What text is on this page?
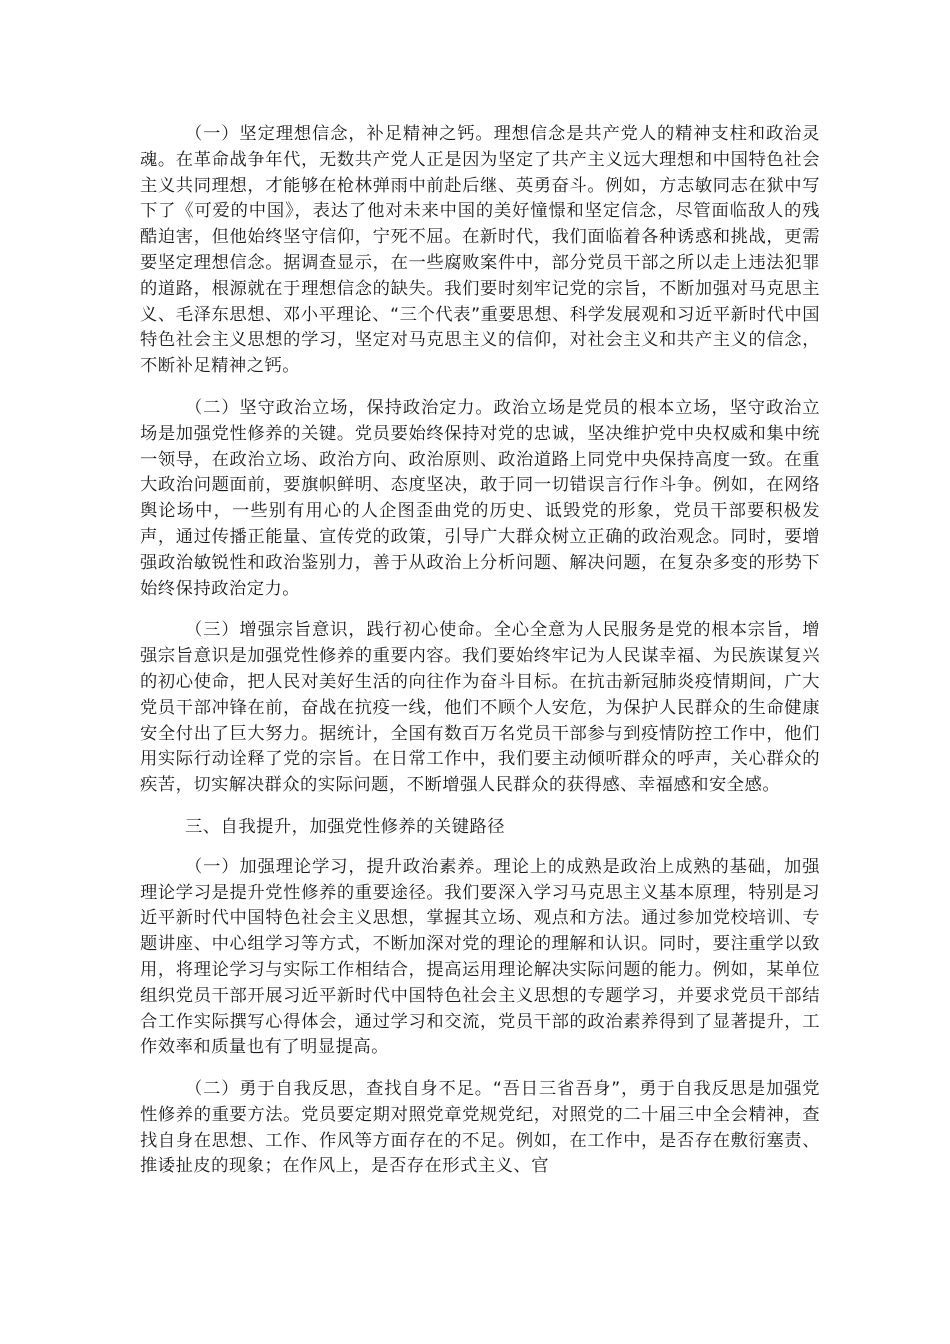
（一）坚定理想信念，补足精神之钙。理想信念是共产党人的精神支柱和政治灵魂。在革命战争年代，无数共产党人正是因为坚定了共产主义远大理想和中国特色社会主义共同理想，才能够在枪林弹雨中前赴后继、英勇奋斗。例如，方志敏同志在狱中写下了《可爱的中国》，表达了他对未来中国的美好憧憬和坚定信念，尽管面临敌人的残酷迫害，但他始终坚守信仰，宁死不屈。在新时代，我们面临着各种诱惑和挑战，更需要坚定理想信念。据调查显示，在一些腐败案件中，部分党员干部之所以走上违法犯罪的道路，根源就在于理想信念的缺失。我们要时刻牢记党的宗旨，不断加强对马克思主义、毛泽东思想、邓小平理论、“三个代表”重要思想、科学发展观和习近平新时代中国特色社会主义思想的学习，坚定对马克思主义的信仰，对社会主义和共产主义的信念，不断补足精神之钙。

（二）坚守政治立场，保持政治定力。政治立场是党员的根本立场，坚守政治立场是加强党性修养的关键。党员要始终保持对党的忠诚，坚决维护党中央权威和集中统一领导，在政治立场、政治方向、政治原则、政治道路上同党中央保持高度一致。在重大政治问题面前，要旗帜鲜明、态度坚决，敢于同一切错误言行作斗争。例如，在网络舆论场中，一些别有用心的人企图歪曲党的历史、诋毁党的形象，党员干部要积极发声，通过传播正能量、宣传党的政策，引导广大群众树立正确的政治观念。同时，要增强政治敏锐性和政治鉴别力，善于从政治上分析问题、解决问题，在复杂多变的形势下始终保持政治定力。

（三）增强宗旨意识，践行初心使命。全心全意为人民服务是党的根本宗旨，增强宗旨意识是加强党性修养的重要内容。我们要始终牢记为人民谋幸福、为民族谋复兴的初心使命，把人民对美好生活的向往作为奋斗目标。在抗击新冠肺炎疫情期间，广大党员干部冲锋在前，奋战在抗疫一线，他们不顾个人安危，为保护人民群众的生命健康安全付出了巨大努力。据统计，全国有数百万名党员干部参与到疫情防控工作中，他们用实际行动诠释了党的宗旨。在日常工作中，我们要主动倾听群众的呼声，关心群众的疾苦，切实解决群众的实际问题，不断增强人民群众的获得感、幸福感和安全感。

三、自我提升，加强党性修养的关键路径

（一）加强理论学习，提升政治素养。理论上的成熟是政治上成熟的基础，加强理论学习是提升党性修养的重要途径。我们要深入学习马克思主义基本原理，特别是习近平新时代中国特色社会主义思想，掌握其立场、观点和方法。通过参加党校培训、专题讲座、中心组学习等方式，不断加深对党的理论的理解和认识。同时，要注重学以致用，将理论学习与实际工作相结合，提高运用理论解决实际问题的能力。例如，某单位组织党员干部开展习近平新时代中国特色社会主义思想的专题学习，并要求党员干部结合工作实际撰写心得体会，通过学习和交流，党员干部的政治素养得到了显著提升，工作效率和质量也有了明显提高。

（二）勇于自我反思，查找自身不足。“吾日三省吾身”，勇于自我反思是加强党性修养的重要方法。党员要定期对照党章党规党纪，对照党的二十届三中全会精神，查找自身在思想、工作、作风等方面存在的不足。例如，在工作中，是否存在敷衍塞责、推诿扯皮的现象；在作风上，是否存在形式主义、官
